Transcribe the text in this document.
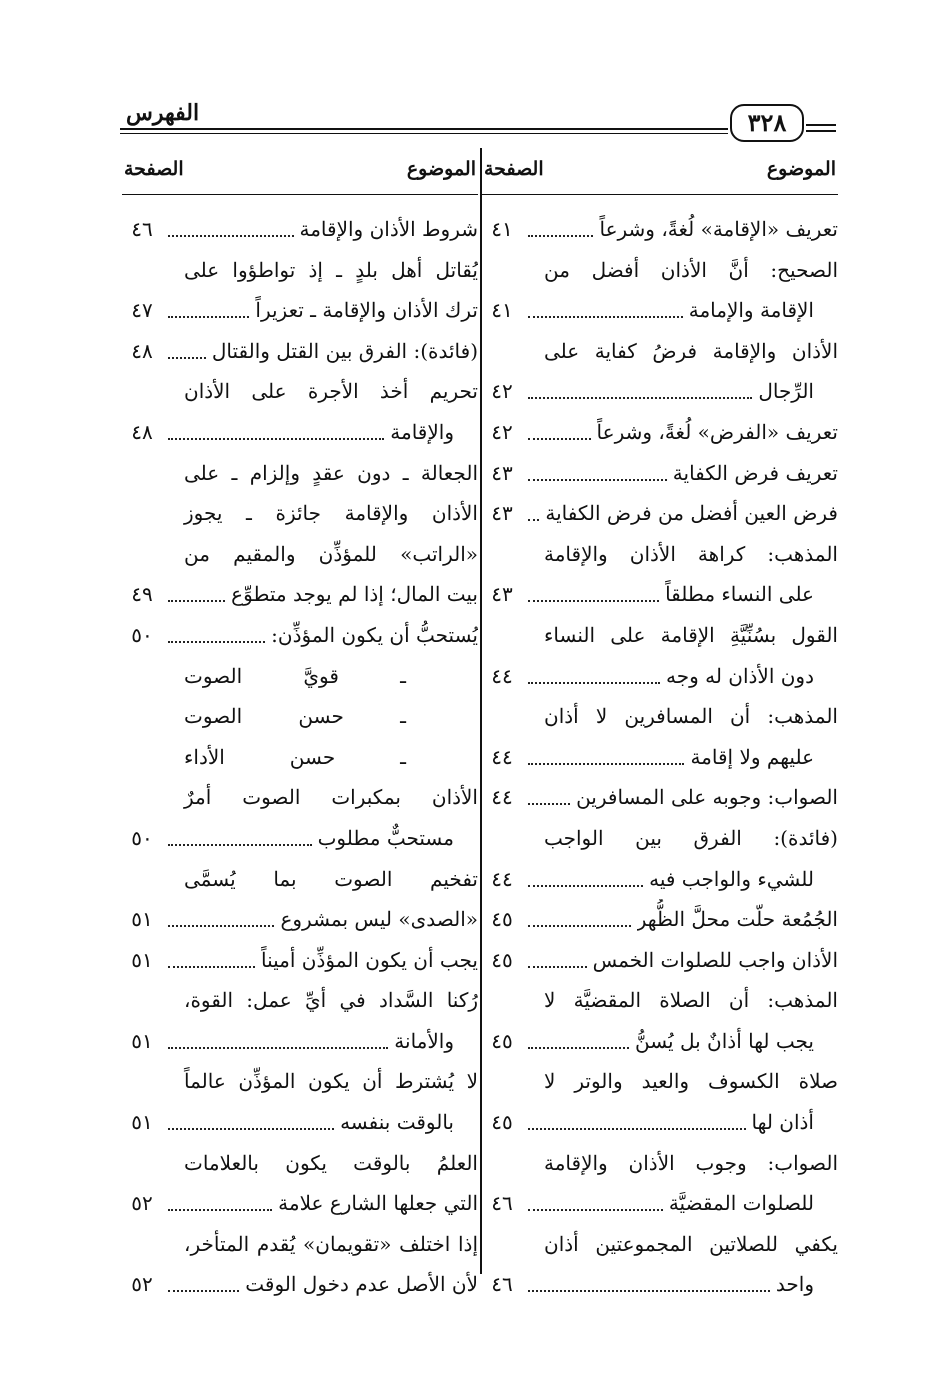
الفهرس	٣٢٨
الموضوع
الصفحة
تعريف «الإقامة» لُغةً، وشرعاً
٤١
الصحيح: أنَّ الأذان أفضل من
الإقامة والإمامة
٤١
الأذان والإقامة فرضُ كفاية على
الرِّجال
٤٢
تعريف «الفرض» لُغةً، وشرعاً
٤٢
تعريف فرض الكفاية
٤٣
فرض العين أفضل من فرض الكفاية
٤٣
المذهب: كراهة الأذان والإقامة
على النساء مطلقاً
٤٣
القول بسُنِّيَّةِ الإقامة على النساء
دون الأذان له وجه
٤٤
المذهب: أن المسافرين لا أذان
عليهم ولا إقامة
٤٤
الصواب: وجوبه على المسافرين
٤٤
(فائدة): الفرق بين الواجب
للشيء والواجب فيه
٤٤
الجُمُعة حلّت محلَّ الظُّهر
٤٥
الأذان واجب للصلوات الخمس
٤٥
المذهب: أن الصلاة المقضيَّة لا
يجب لها أذانٌ بل يُسنُّ
٤٥
صلاة الكسوف والعيد والوتر لا
أذان لها
٤٥
الصواب: وجوب الأذان والإقامة
للصلوات المقضيَّة
٤٦
يكفي للصلاتين المجموعتين أذان
واحد
٤٦
الموضوع
الصفحة
شروط الأذان والإقامة
٤٦
يُقاتل أهل بلدٍ ـ إذ تواطؤوا على
ترك الأذان والإقامة ـ تعزيراً
٤٧
(فائدة): الفرق بين القتل والقتال
٤٨
تحريم أخذ الأجرة على الأذان
والإقامة
٤٨
الجعالة ـ دون عقدٍ وإلزام ـ على
الأذان والإقامة جائزة ـ يجوز
«الراتب» للمؤذِّن والمقيم من
بيت المال؛ إذا لم يوجد متطوِّع
٤٩
يُستحبُّ أن يكون المؤذِّن:
٥٠
ـ قويَّ الصوت
ـ حسن الصوت
ـ حسن الأداء
الأذان بمكبرات الصوت أمرٌ
مستحبٌّ مطلوب
٥٠
تفخيم الصوت بما يُسمَّى
«الصدى» ليس بمشروع
٥١
يجب أن يكون المؤذِّن أميناً
٥١
رُكنا السَّداد في أيِّ عمل: القوة،
والأمانة
٥١
لا يُشترط أن يكون المؤذِّن عالماً
بالوقت بنفسه
٥١
العلمُ بالوقت يكون بالعلامات
التي جعلها الشارع علامة
٥٢
إذا اختلف «تقويمان» يُقدم المتأخر،
لأن الأصل عدم دخول الوقت
٥٢
